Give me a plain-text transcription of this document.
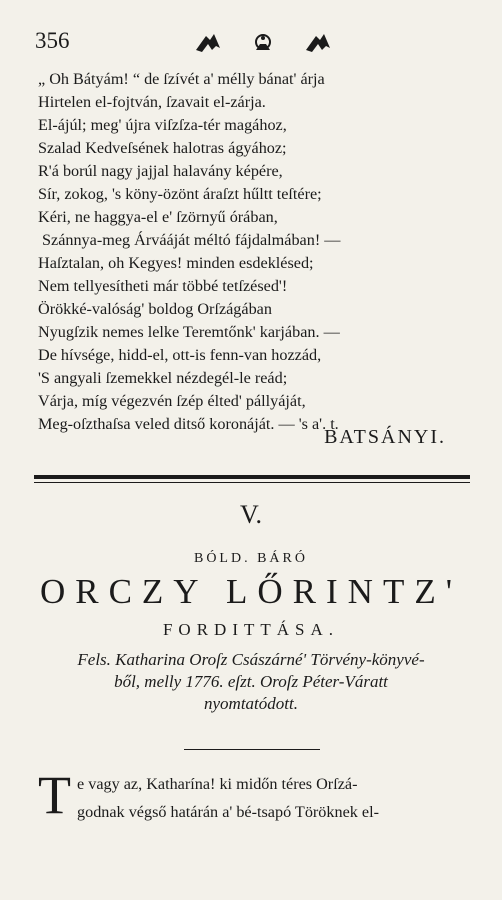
356
„ Oh Bátyám! “ de ſzívét a' mélly bánat' árja
Hirtelen el-fojtván, ſzavait el-zárja.
El-ájúl; meg' újra viſzſza-tér magához,
Szalad Kedveſsének halotras ágyához;
R'á borúl nagy jajjal halavány képére,
Sír, zokog, 's köny-özönt áraſzt hűltt teſtére;
Kéri, ne haggya-el e' ſzörnyű órában,
Szánnya-meg Árvááját méltó fájdalmában! —
Haſztalan, oh Kegyes! minden esdeklésed;
Nem tellyesítheti már többé tetſzésed'!
Örökké-valóság' boldog Orſzágában
Nyugſzik nemes lelke Teremtőnk' karjában. —
De hívsége, hidd-el, ott-is fenn-van hozzád,
'S angyali ſzemekkel nézdegél-le reád;
Várja, míg végezvén ſzép élted' pállyáját,
Meg-oſzthaſsa veled ditső koronáját. — 's a'. t.
BATSÁNYI.
V.
BÓLD. BÁRÓ
ORCZY LŐRINTZ'
FORDITTÁSA.
Fels. Katharina Oroſz Császárné' Törvény-könyvé-
ből, melly 1776. eſzt. Oroſz Péter-Váratt
nyomtatódott.
T e vagy az, Katharína! ki midőn téres Orſzá-
godnak végső határán a' bé-tsapó Töröknek el-
